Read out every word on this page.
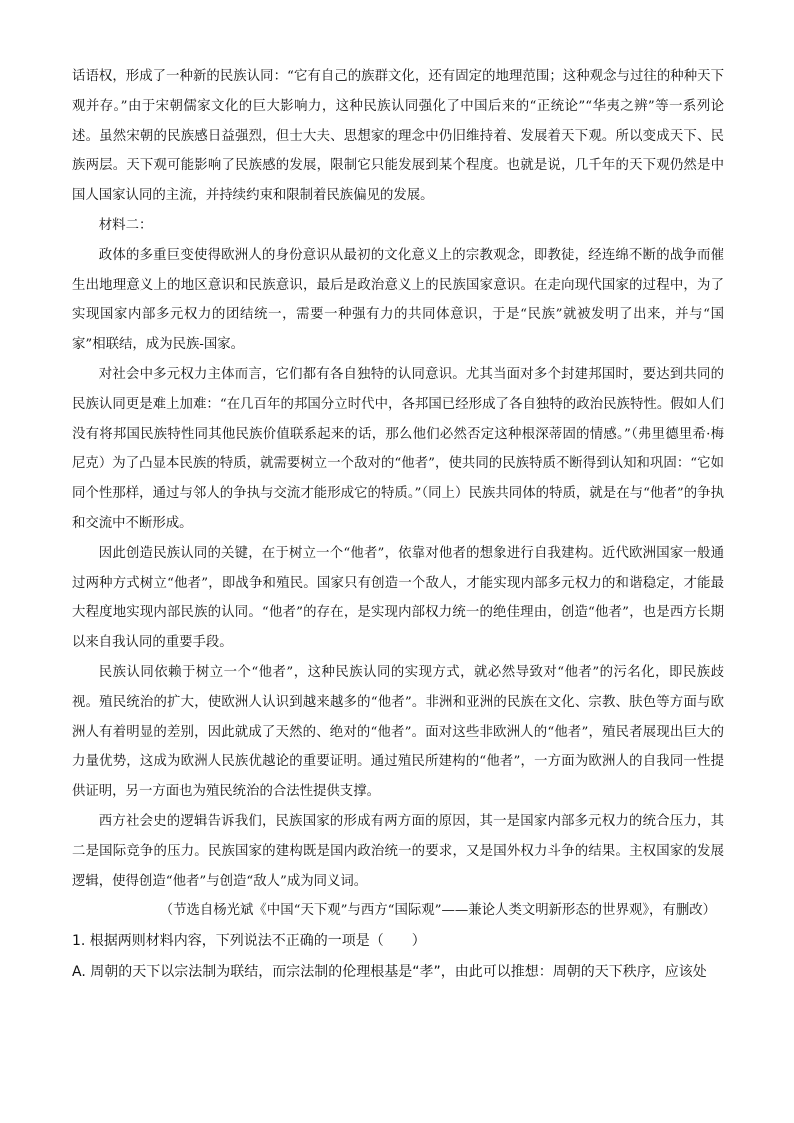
话语权，形成了一种新的民族认同：“它有自己的族群文化，还有固定的地理范围；这种观念与过往的种种天下观并存。”由于宋朝儒家文化的巨大影响力，这种民族认同强化了中国后来的“正统论”“华夷之辨”等一系列论述。虽然宋朝的民族感日益强烈，但士大夫、思想家的理念中仍旧维持着、发展着天下观。所以变成天下、民族两层。天下观可能影响了民族感的发展，限制它只能发展到某个程度。也就是说，几千年的天下观仍然是中国人国家认同的主流，并持续约束和限制着民族偏见的发展。

材料二：

政体的多重巨变使得欧洲人的身份意识从最初的文化意义上的宗教观念，即教徒，经连绵不断的战争而催生出地理意义上的地区意识和民族意识，最后是政治意义上的民族国家意识。在走向现代国家的过程中，为了实现国家内部多元权力的团结统一，需要一种强有力的共同体意识，于是“民族”就被发明了出来，并与“国家”相联结，成为民族-国家。

对社会中多元权力主体而言，它们都有各自独特的认同意识。尤其当面对多个封建邦国时，要达到共同的民族认同更是难上加难：“在几百年的邦国分立时代中，各邦国已经形成了各自独特的政治民族特性。假如人们没有将邦国民族特性同其他民族价值联系起来的话，那么他们必然否定这种根深蒂固的情感。”（弗里德里希·梅尼克）为了凸显本民族的特质，就需要树立一个敌对的“他者”，使共同的民族特质不断得到认知和巩固：“它如同个性那样，通过与邻人的争执与交流才能形成它的特质。”（同上）民族共同体的特质，就是在与“他者”的争执和交流中不断形成。

因此创造民族认同的关键，在于树立一个“他者”，依靠对他者的想象进行自我建构。近代欧洲国家一般通过两种方式树立“他者”，即战争和殖民。国家只有创造一个敌人，才能实现内部多元权力的和谐稳定，才能最大程度地实现内部民族的认同。“他者”的存在，是实现内部权力统一的绝佳理由，创造“他者”，也是西方长期以来自我认同的重要手段。

民族认同依赖于树立一个“他者”，这种民族认同的实现方式，就必然导致对“他者”的污名化，即民族歧视。殖民统治的扩大，使欧洲人认识到越来越多的“他者”。非洲和亚洲的民族在文化、宗教、肤色等方面与欧洲人有着明显的差别，因此就成了天然的、绝对的“他者”。面对这些非欧洲人的“他者”，殖民者展现出巨大的力量优势，这成为欧洲人民族优越论的重要证明。通过殖民所建构的“他者”，一方面为欧洲人的自我同一性提供证明，另一方面也为殖民统治的合法性提供支撑。

西方社会史的逻辑告诉我们，民族国家的形成有两方面的原因，其一是国家内部多元权力的统合压力，其二是国际竞争的压力。民族国家的建构既是国内政治统一的要求，又是国外权力斗争的结果。主权国家的发展逻辑，使得创造“他者”与创造“敌人”成为同义词。

（节选自杨光斌《中国“天下观”与西方“国际观”——兼论人类文明新形态的世界观》，有删改）

1. 根据两则材料内容，下列说法不正确的一项是（　　）

A. 周朝的天下以宗法制为联结，而宗法制的伦理根基是“孝”，由此可以推想：周朝的天下秩序，应该处
